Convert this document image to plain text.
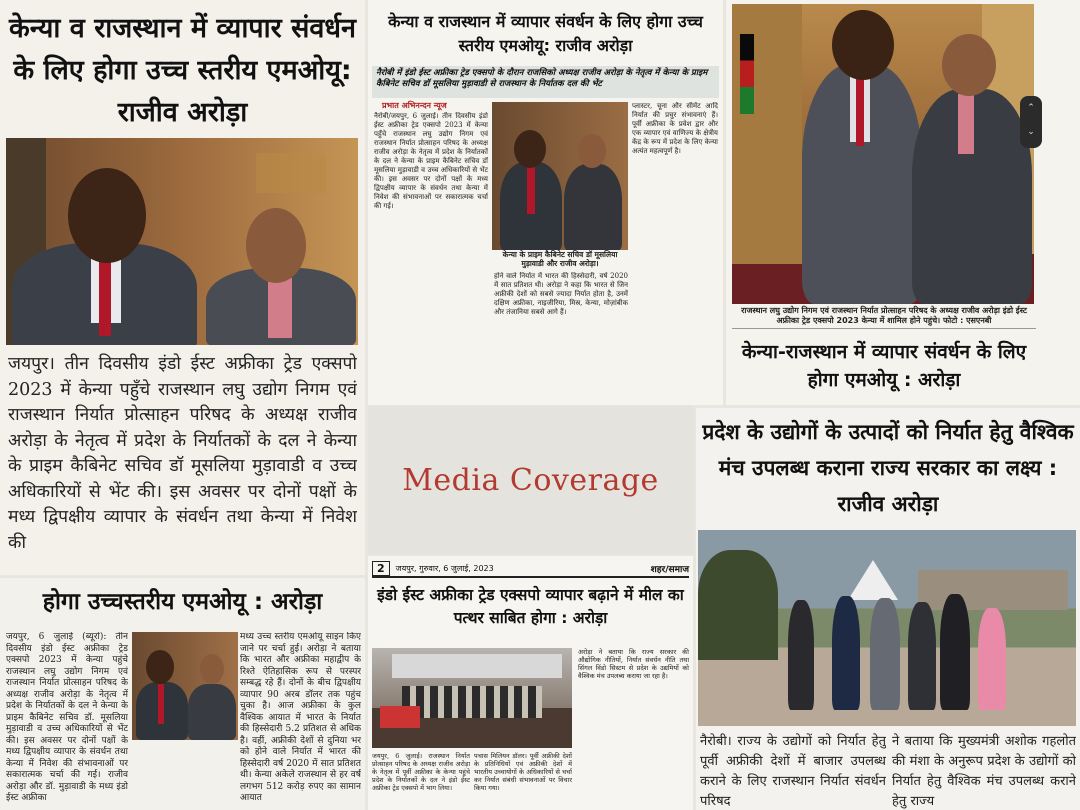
केन्या व राजस्थान में व्यापार संवर्धन के लिए होगा उच्च स्तरीय एमओयू: राजीव अरोड़ा
जयपुर। तीन दिवसीय इंडो ईस्ट अफ्रीका ट्रेड एक्सपो 2023 में केन्या पहुँचे राजस्थान लघु उद्योग निगम एवं राजस्थान निर्यात प्रोत्साहन परिषद के अध्यक्ष राजीव अरोड़ा के नेतृत्व में प्रदेश के निर्यातकों के दल ने केन्या के प्राइम कैबिनेट सचिव डॉ मूसलिया मुड़ावाडी व उच्च अधिकारियों से भेंट की। इस अवसर पर दोनों पक्षों के मध्य द्विपक्षीय व्यापार के संवर्धन तथा केन्या में निवेश की
केन्या व राजस्थान में व्यापार संवर्धन के लिए होगा उच्च स्तरीय एमओयू: राजीव अरोड़ा
नैरोबी में इंडो ईस्ट अफ्रीका ट्रेड एक्सपो के दौरान राजसिको अध्यक्ष राजीव अरोड़ा के नेतृत्व में केन्या के प्राइम कैबिनेट सचिव डॉ मूसलिया मुड़ावाडी से राजस्थान के निर्यातक दल की भेंट
प्रभात अभिनन्दन न्यूज
नैरोबी/जयपुर, 6 जुलाई। तीन दिवसीय इंडो ईस्ट अफ्रीका ट्रेड एक्सपो 2023 में केन्या पहुँचे राजस्थान लघु उद्योग निगम एवं राजस्थान निर्यात प्रोत्साहन परिषद के अध्यक्ष राजीव अरोड़ा के नेतृत्व में प्रदेश के निर्यातकों के दल ने केन्या के प्राइम कैबिनेट सचिव डॉ मूसलिया मुड़ावाडी व उच्च अधिकारियों से भेंट की। इस अवसर पर दोनों पक्षों के मध्य द्विपक्षीय व्यापार के संवर्धन तथा केन्या में निवेश की संभावनाओं पर सकारात्मक चर्चा की गई।
केन्या के प्राइम कैबिनेट सचिव डॉ मूसलिया मुड़ावाडी और राजीव अरोड़ा।
होने वाले निर्यात में भारत की हिस्सेदारी, वर्ष 2020 में सात प्रतिशत थी। अरोड़ा ने कहा कि भारत से जिन अफ्रीकी देशों को सबसे ज्यादा निर्यात होता है, उनमें दक्षिण अफ्रीका, नाइजीरिया, मिस्र, केन्या, मोज़ांबीक और तंजानिया सबसे आगे हैं।
प्लास्टर, चूना और सीमेंट आदि निर्यात की प्रचुर संभावनाएं हैं। पूर्वी अफ्रीका के प्रवेश द्वार और एक व्यापार एवं वाणिज्य के क्षेत्रीय केंद्र के रूप में प्रदेश के लिए केन्या अत्यंत महत्वपूर्ण है।
⌃
⌄
राजस्थान लघु उद्योग निगम एवं राजस्थान निर्यात प्रोत्साहन परिषद के अध्यक्ष राजीव अरोड़ा इंडो ईस्ट अफ्रीका ट्रेड एक्सपो 2023 केन्या में शामिल होने पहुंचे। फोटो : एसएनबी
केन्या-राजस्थान में व्यापार संवर्धन के लिए होगा एमओयू : अरोड़ा
Media Coverage
होगा उच्चस्तरीय एमओयू : अरोड़ा
जयपुर, 6 जुलाई (ब्यूरो): तीन दिवसीय इंडो ईस्ट अफ्रीका ट्रेड एक्सपो 2023 में केन्या पहुंचे राजस्थान लघु उद्योग निगम एवं राजस्थान निर्यात प्रोत्साहन परिषद के अध्यक्ष राजीव अरोड़ा के नेतृत्व में प्रदेश के निर्यातकों के दल ने केन्या के प्राइम कैबिनेट सचिव डॉ. मूसलिया मुड़ावाडी व उच्च अधिकारियों से भेंट की। इस अवसर पर दोनों पक्षों के मध्य द्विपक्षीय व्यापार के संवर्धन तथा केन्या में निवेश की संभावनाओं पर सकारात्मक चर्चा की गई। राजीव अरोड़ा और डॉ. मुड़ावाडी के मध्य इंडो ईस्ट अफ्रीका
मध्य उच्च स्तरीय एमओयू साइन किए जाने पर चर्चा हुई। अरोड़ा ने बताया कि भारत और अफ्रीका महाद्वीप के रिश्ते ऐतिहासिक रूप से परस्पर सम्बद्ध रहे हैं। दोनों के बीच द्विपक्षीय व्यापार 90 अरब डॉलर तक पहुंच चुका है। आज अफ्रीका के कुल वैश्विक आयात में भारत के निर्यात की हिस्सेदारी 5.2 प्रतिशत से अधिक है। वहीं, अफ्रीकी देशों से दुनिया भर को होने वाले निर्यात में भारत की हिस्सेदारी वर्ष 2020 में सात प्रतिशत थी। केन्या अकेले राजस्थान से हर वर्ष लगभग 512 करोड़ रुपए का सामान आयात
2	जयपुर, गुरुवार, 6 जुलाई, 2023	शहर/समाज
इंडो ईस्ट अफ्रीका ट्रेड एक्सपो व्यापार बढ़ाने में मील का पत्थर साबित होगा : अरोड़ा
जयपुर, 6 जुलाई। राजस्थान निर्यात प्रोत्साहन परिषद के अध्यक्ष राजीव अरोड़ा के नेतृत्व में पूर्वी अफ्रीका के केन्या पहुंचे प्रदेश के निर्यातकों के दल ने इंडो ईस्ट अफ्रीका ट्रेड एक्सपो में भाग लिया।
पचास मिलियन डॉलर। पूर्वी अफ्रीकी देशों के प्रतिनिधियों एवं अफ्रीकी देशों में भारतीय उच्चायोगों के अधिकारियों से चर्चा कर निर्यात संबंधी संभावनाओं पर विचार किया गया।
अरोड़ा ने बताया कि राज्य सरकार की औद्योगिक नीतियों, निर्यात संवर्धन नीति तथा सिंगल विंडो सिस्टम से प्रदेश के उद्यमियों को वैश्विक मंच उपलब्ध कराया जा रहा है।
प्रदेश के उद्योगों के उत्पादों को निर्यात हेतु वैश्विक मंच उपलब्ध कराना राज्य सरकार का लक्ष्य : राजीव अरोड़ा
नैरोबी। राज्य के उद्योगों को निर्यात हेतु पूर्वी अफ्रीकी देशों में बाजार उपलब्ध कराने के लिए राजस्थान निर्यात संवर्धन परिषद
ने बताया कि मुख्यमंत्री अशोक गहलोत की मंशा के अनुरूप प्रदेश के उद्योगों को निर्यात हेतु वैश्विक मंच उपलब्ध कराने हेतु राज्य
